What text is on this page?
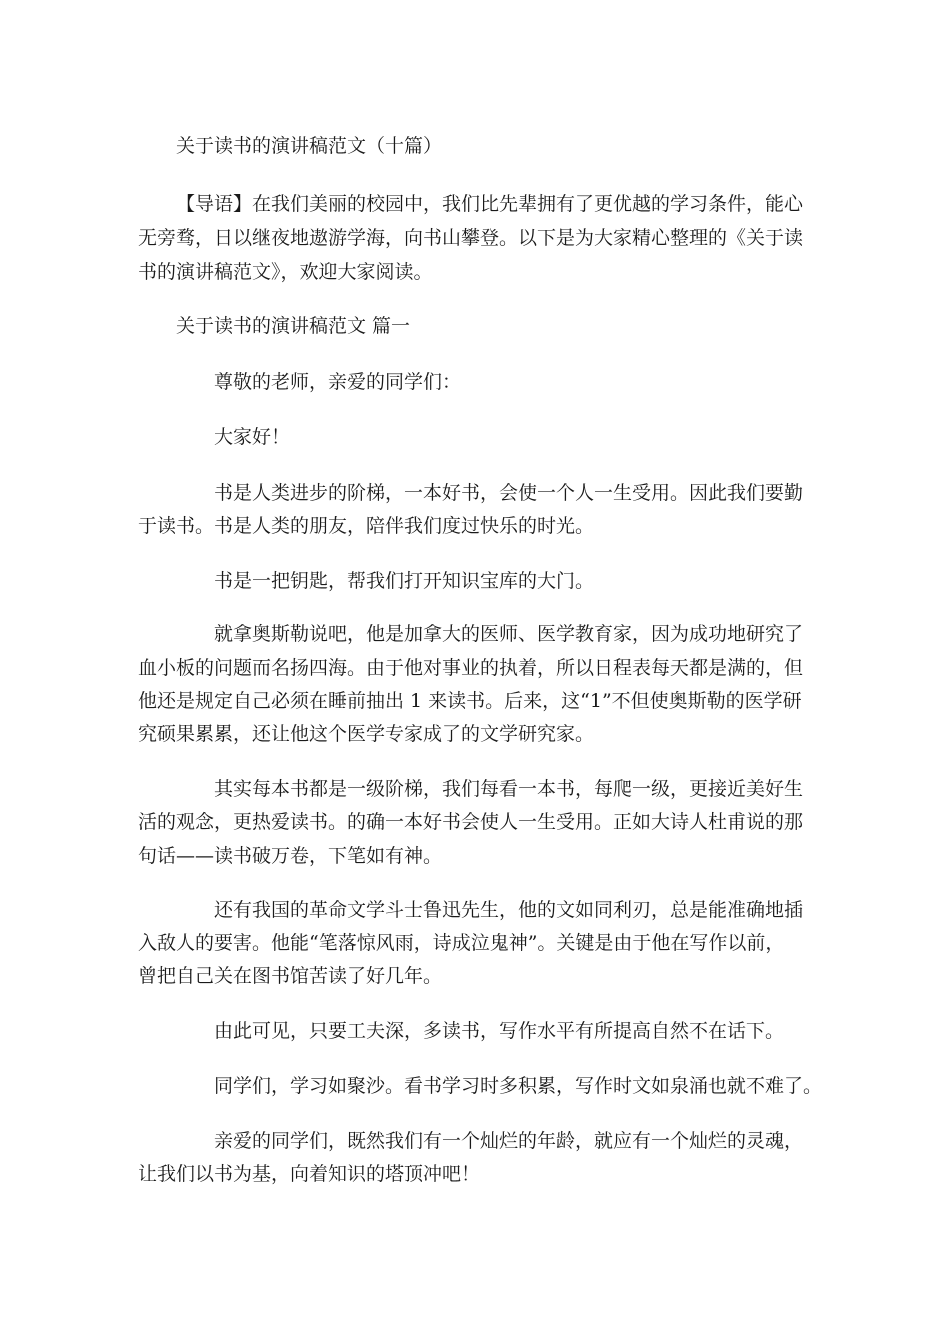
关于读书的演讲稿范文（十篇）
【导语】在我们美丽的校园中，我们比先辈拥有了更优越的学习条件，能心
无旁骛，日以继夜地遨游学海，向书山攀登。以下是为大家精心整理的《关于读
书的演讲稿范文》，欢迎大家阅读。
关于读书的演讲稿范文 篇一
尊敬的老师，亲爱的同学们：
大家好！
书是人类进步的阶梯，一本好书，会使一个人一生受用。因此我们要勤
于读书。书是人类的朋友，陪伴我们度过快乐的时光。
书是一把钥匙，帮我们打开知识宝库的大门。
就拿奥斯勒说吧，他是加拿大的医师、医学教育家，因为成功地研究了
血小板的问题而名扬四海。由于他对事业的执着，所以日程表每天都是满的，但
他还是规定自己必须在睡前抽出 1 来读书。后来，这“1”不但使奥斯勒的医学研
究硕果累累，还让他这个医学专家成了的文学研究家。
其实每本书都是一级阶梯，我们每看一本书，每爬一级，更接近美好生
活的观念，更热爱读书。的确一本好书会使人一生受用。正如大诗人杜甫说的那
句话——读书破万卷，下笔如有神。
还有我国的革命文学斗士鲁迅先生，他的文如同利刃，总是能准确地插
入敌人的要害。他能“笔落惊风雨，诗成泣鬼神”。关键是由于他在写作以前，
曾把自己关在图书馆苦读了好几年。
由此可见，只要工夫深，多读书，写作水平有所提高自然不在话下。
同学们，学习如聚沙。看书学习时多积累，写作时文如泉涌也就不难了。
亲爱的同学们，既然我们有一个灿烂的年龄，就应有一个灿烂的灵魂，
让我们以书为基，向着知识的塔顶冲吧！
